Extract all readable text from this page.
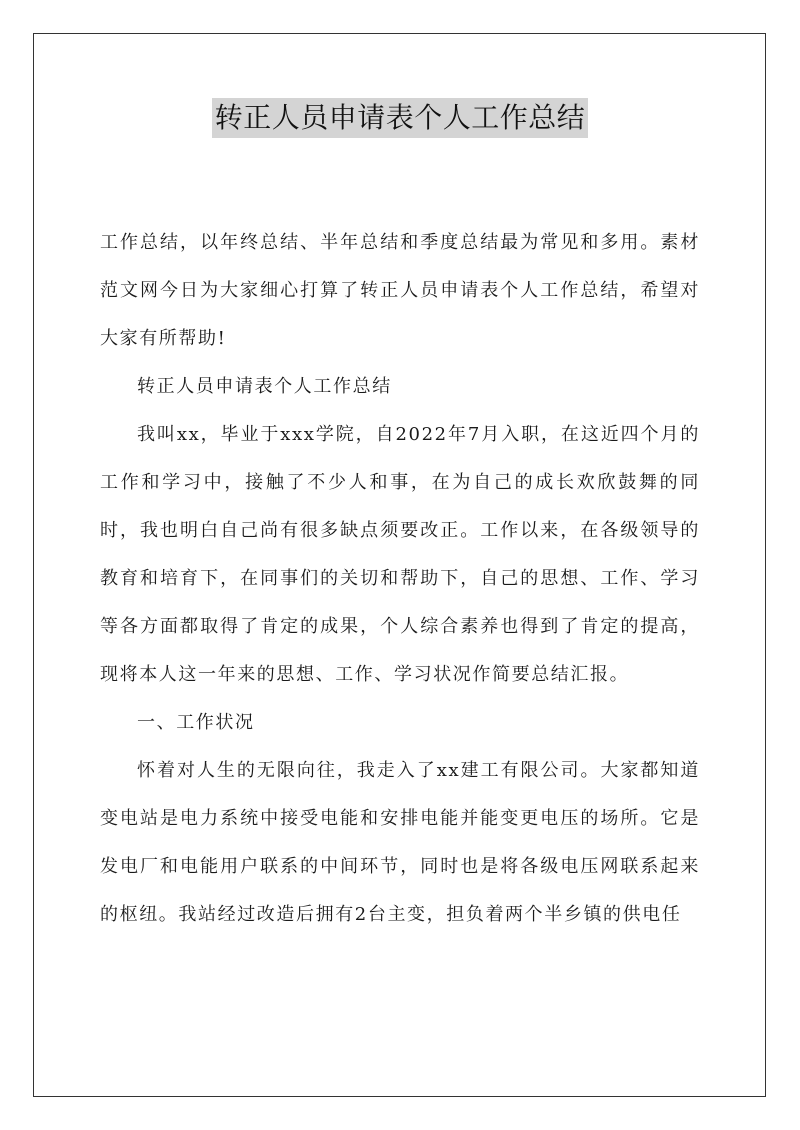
转正人员申请表个人工作总结

工作总结，以年终总结、半年总结和季度总结最为常见和多用。素材范文网今日为大家细心打算了转正人员申请表个人工作总结，希望对大家有所帮助!

转正人员申请表个人工作总结

我叫xx，毕业于xxx学院，自2022年7月入职，在这近四个月的工作和学习中，接触了不少人和事，在为自己的成长欢欣鼓舞的同时，我也明白自己尚有很多缺点须要改正。工作以来，在各级领导的教育和培育下，在同事们的关切和帮助下，自己的思想、工作、学习等各方面都取得了肯定的成果，个人综合素养也得到了肯定的提高，现将本人这一年来的思想、工作、学习状况作简要总结汇报。

一、工作状况

怀着对人生的无限向往，我走入了xx建工有限公司。大家都知道变电站是电力系统中接受电能和安排电能并能变更电压的场所。它是发电厂和电能用户联系的中间环节，同时也是将各级电压网联系起来的枢纽。我站经过改造后拥有2台主变，担负着两个半乡镇的供电任
